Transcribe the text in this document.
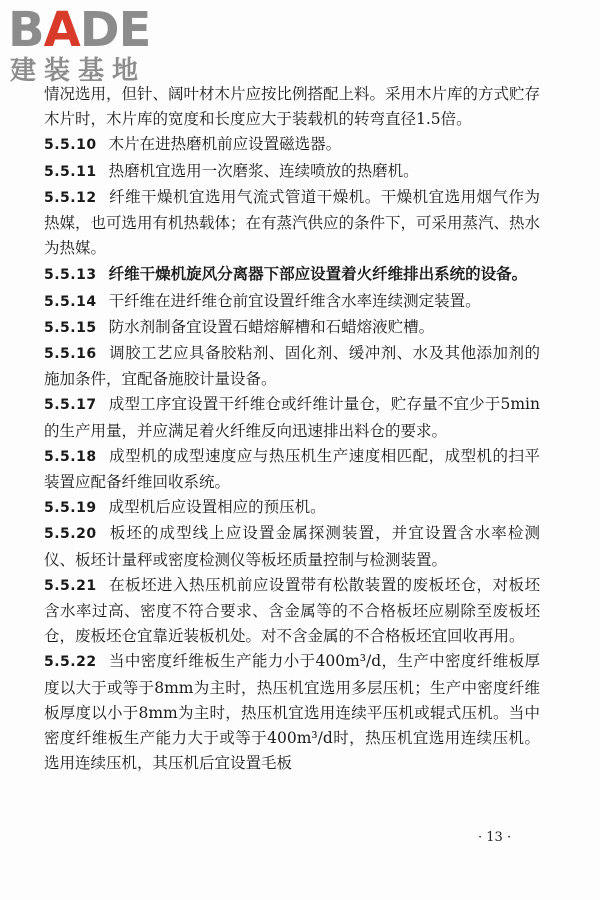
BADE
建装基地

情况选用，但针、阔叶材木片应按比例搭配上料。采用木片库的方式贮存木片时，木片库的宽度和长度应大于装载机的转弯直径1.5倍。

5.5.10 木片在进热磨机前应设置磁选器。

5.5.11 热磨机宜选用一次磨浆、连续喷放的热磨机。

5.5.12 纤维干燥机宜选用气流式管道干燥机。干燥机宜选用烟气作为热媒，也可选用有机热载体；在有蒸汽供应的条件下，可采用蒸汽、热水为热媒。

5.5.13 纤维干燥机旋风分离器下部应设置着火纤维排出系统的设备。

5.5.14 干纤维在进纤维仓前宜设置纤维含水率连续测定装置。

5.5.15 防水剂制备宜设置石蜡熔解槽和石蜡熔液贮槽。

5.5.16 调胶工艺应具备胶粘剂、固化剂、缓冲剂、水及其他添加剂的施加条件，宜配备施胶计量设备。

5.5.17 成型工序宜设置干纤维仓或纤维计量仓，贮存量不宜少于5min的生产用量，并应满足着火纤维反向迅速排出料仓的要求。

5.5.18 成型机的成型速度应与热压机生产速度相匹配，成型机的扫平装置应配备纤维回收系统。

5.5.19 成型机后应设置相应的预压机。

5.5.20 板坯的成型线上应设置金属探测装置，并宜设置含水率检测仪、板坯计量秤或密度检测仪等板坯质量控制与检测装置。

5.5.21 在板坯进入热压机前应设置带有松散装置的废板坯仓，对板坯含水率过高、密度不符合要求、含金属等的不合格板坯应剔除至废板坯仓，废板坯仓宜靠近装板机处。对不含金属的不合格板坯宜回收再用。

5.5.22 当中密度纤维板生产能力小于400m³/d，生产中密度纤维板厚度以大于或等于8mm为主时，热压机宜选用多层压机；生产中密度纤维板厚度以小于8mm为主时，热压机宜选用连续平压机或辊式压机。当中密度纤维板生产能力大于或等于400m³/d时，热压机宜选用连续压机。选用连续压机，其压机后宜设置毛板

· 13 ·
